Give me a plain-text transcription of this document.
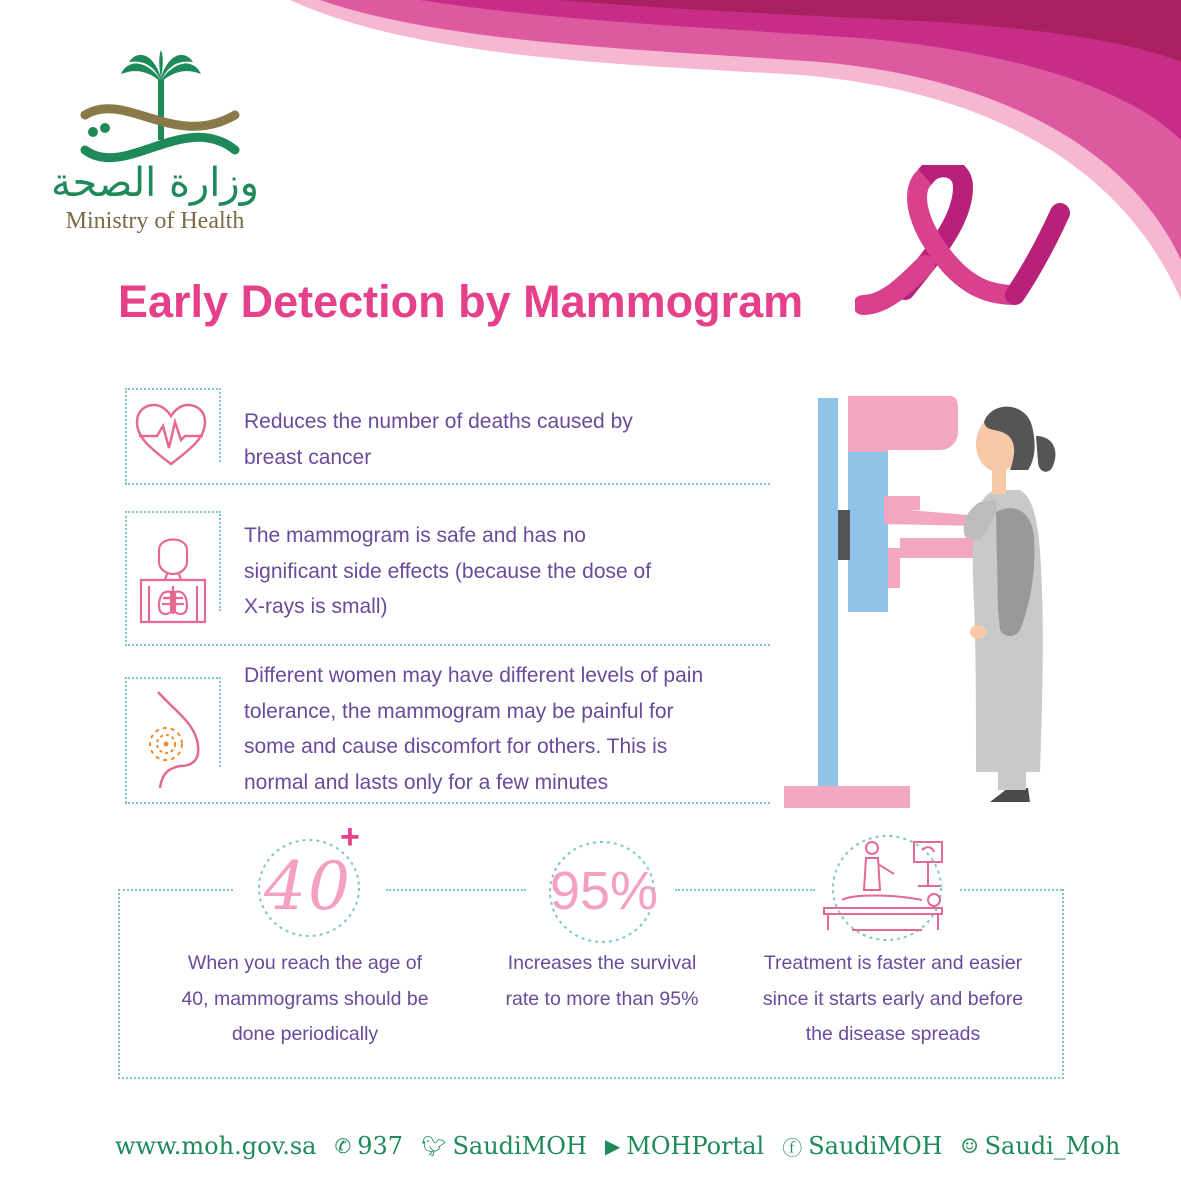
وزارة الصحة
Ministry of Health
Early Detection by Mammogram
Reduces the number of deaths caused by
breast cancer
The mammogram is safe and has no
significant side effects (because the dose of
X-rays is small)
Different women may have different levels of pain
tolerance, the mammogram may be painful for
some and cause discomfort for others. This is
normal and lasts only for a few minutes
40
+
95%
When you reach the age of
40, mammograms should be
done periodically
Increases the survival
rate to more than 95%
Treatment is faster and easier
since it starts early and before
the disease spreads
www.moh.gov.sa ✆ 937 🐦︎ SaudiMOH ▶ MOHPortal ⓕ SaudiMOH ☺ Saudi_Moh
